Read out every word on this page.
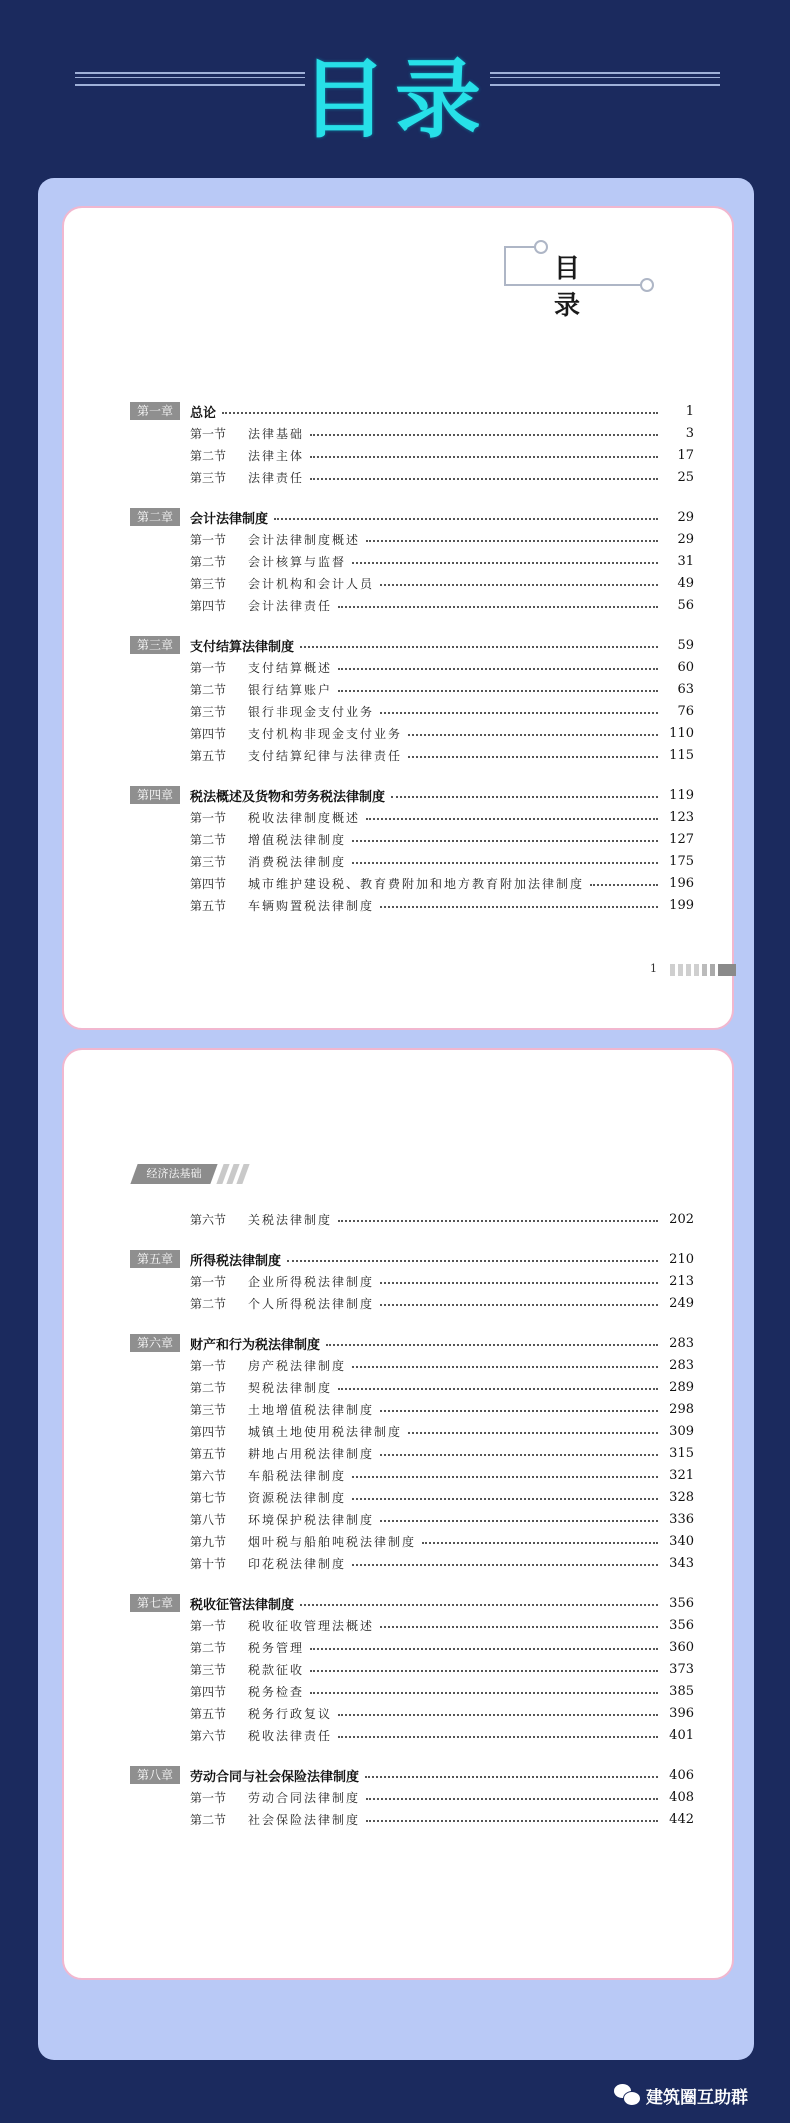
目录
目 录
第一章	总论	1
第一节	法律基础	3
第二节	法律主体	17
第三节	法律责任	25
第二章	会计法律制度	29
第一节	会计法律制度概述	29
第二节	会计核算与监督	31
第三节	会计机构和会计人员	49
第四节	会计法律责任	56
第三章	支付结算法律制度	59
第一节	支付结算概述	60
第二节	银行结算账户	63
第三节	银行非现金支付业务	76
第四节	支付机构非现金支付业务	110
第五节	支付结算纪律与法律责任	115
第四章	税法概述及货物和劳务税法律制度	119
第一节	税收法律制度概述	123
第二节	增值税法律制度	127
第三节	消费税法律制度	175
第四节	城市维护建设税、教育费附加和地方教育附加法律制度	196
第五节	车辆购置税法律制度	199
1
经济法基础
第六节	关税法律制度	202
第五章	所得税法律制度	210
第一节	企业所得税法律制度	213
第二节	个人所得税法律制度	249
第六章	财产和行为税法律制度	283
第一节	房产税法律制度	283
第二节	契税法律制度	289
第三节	土地增值税法律制度	298
第四节	城镇土地使用税法律制度	309
第五节	耕地占用税法律制度	315
第六节	车船税法律制度	321
第七节	资源税法律制度	328
第八节	环境保护税法律制度	336
第九节	烟叶税与船舶吨税法律制度	340
第十节	印花税法律制度	343
第七章	税收征管法律制度	356
第一节	税收征收管理法概述	356
第二节	税务管理	360
第三节	税款征收	373
第四节	税务检查	385
第五节	税务行政复议	396
第六节	税收法律责任	401
第八章	劳动合同与社会保险法律制度	406
第一节	劳动合同法律制度	408
第二节	社会保险法律制度	442
建筑圈互助群
